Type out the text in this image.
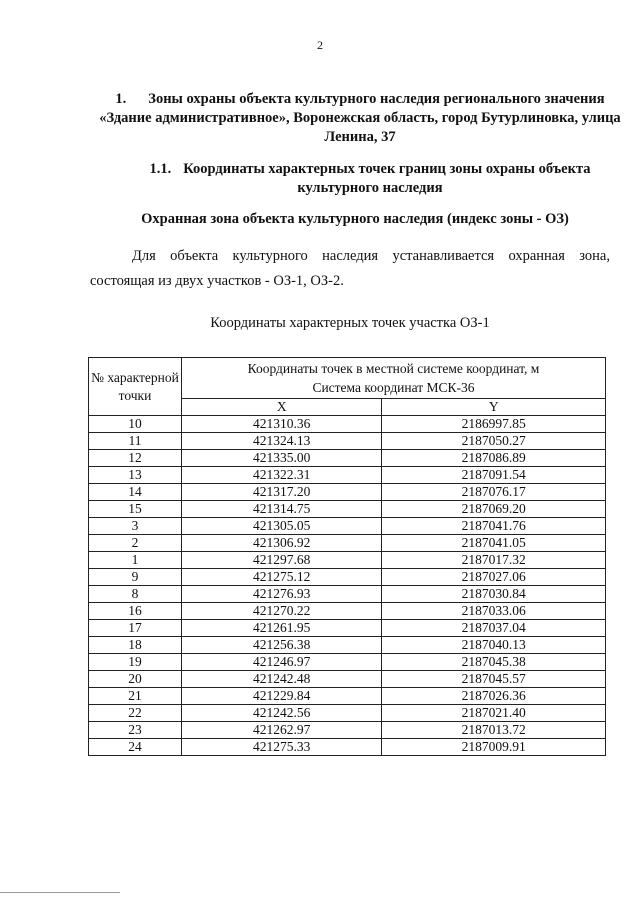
2
1. Зоны охраны объекта культурного наследия регионального значения «Здание административное», Воронежская область, город Бутурлиновка, улица Ленина, 37
1.1. Координаты характерных точек границ зоны охраны объекта культурного наследия
Охранная зона объекта культурного наследия (индекс зоны - ОЗ)
Для объекта культурного наследия устанавливается охранная зона, состоящая из двух участков - ОЗ-1, ОЗ-2.
Координаты характерных точек участка ОЗ-1
№ характерной точки	Координаты точек в местной системе координат, м
Система координат МСК-36	

	X	Y
10	421310.36	2186997.85
11	421324.13	2187050.27
12	421335.00	2187086.89
13	421322.31	2187091.54
14	421317.20	2187076.17
15	421314.75	2187069.20
3	421305.05	2187041.76
2	421306.92	2187041.05
1	421297.68	2187017.32
9	421275.12	2187027.06
8	421276.93	2187030.84
16	421270.22	2187033.06
17	421261.95	2187037.04
18	421256.38	2187040.13
19	421246.97	2187045.38
20	421242.48	2187045.57
21	421229.84	2187026.36
22	421242.56	2187021.40
23	421262.97	2187013.72
24	421275.33	2187009.91
